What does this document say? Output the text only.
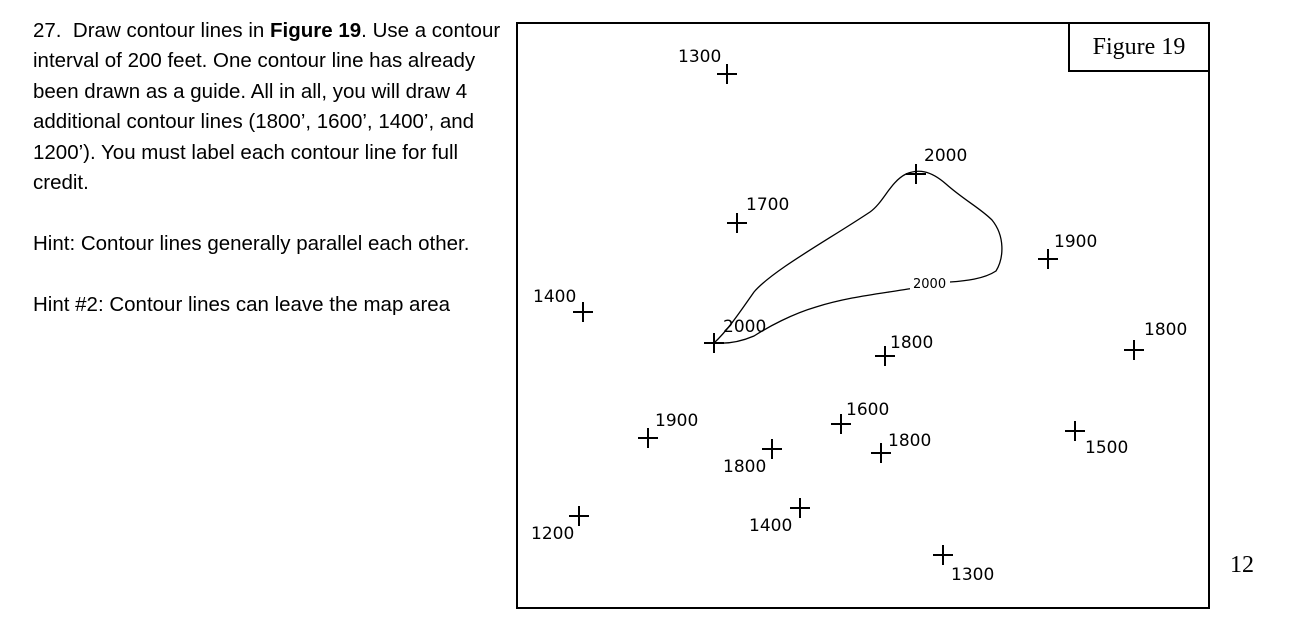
27. Draw contour lines in Figure 19. Use a contour interval of 200 feet. One contour line has already been drawn as a guide. All in all, you will draw 4 additional contour lines (1800’, 1600’, 1400’, and 1200’). You must label each contour line for full credit.

Hint: Contour lines generally parallel each other.

Hint #2: Contour lines can leave the map area

2000
1300
2000
1700
1900
1400
2000
1800
1800
1600
1900
1800
1800	1500
1200	1400
1300
Figure 19
12
